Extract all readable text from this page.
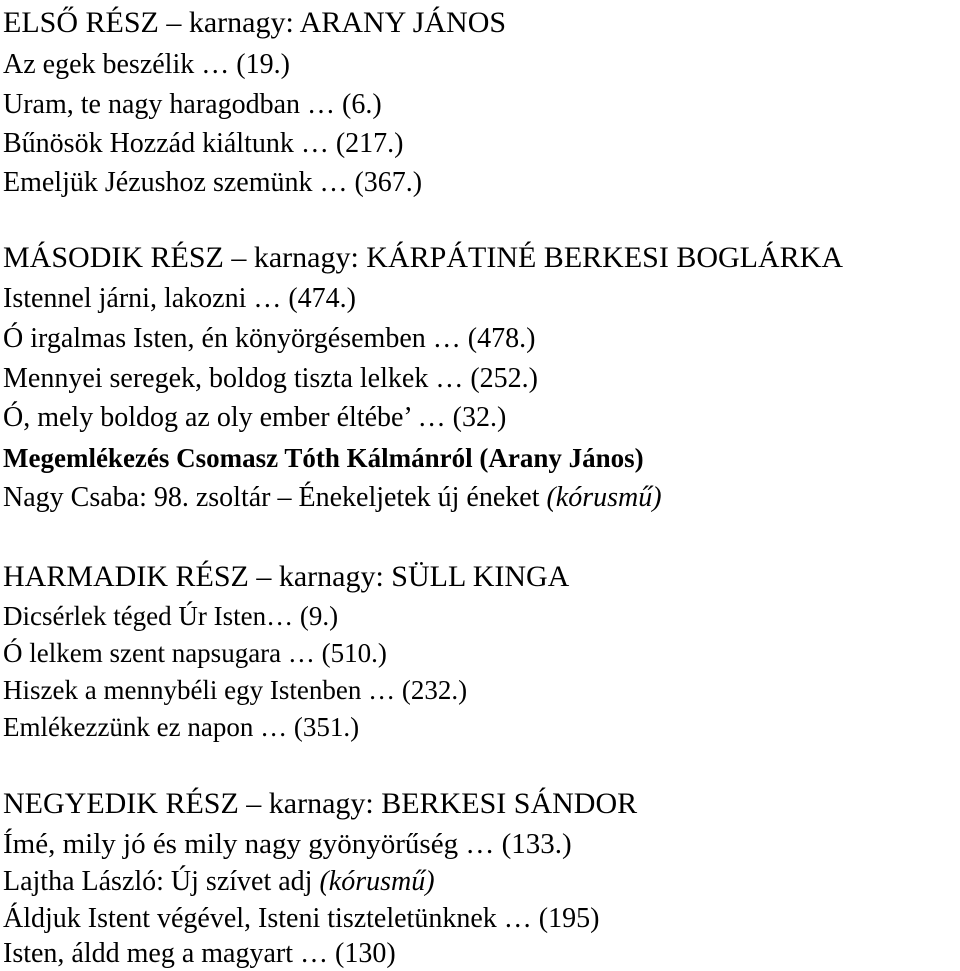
ELSŐ RÉSZ – karnagy: ARANY JÁNOS
Az egek beszélik … (19.)
Uram, te nagy haragodban … (6.)
Bűnösök Hozzád kiáltunk … (217.)
Emeljük Jézushoz szemünk … (367.)
MÁSODIK RÉSZ – karnagy: KÁRPÁTINÉ BERKESI BOGLÁRKA
Istennel járni, lakozni … (474.)
Ó irgalmas Isten, én könyörgésemben … (478.)
Mennyei seregek, boldog tiszta lelkek … (252.)
Ó, mely boldog az oly ember éltébe’ … (32.)
Megemlékezés Csomasz Tóth Kálmánról (Arany János)
Nagy Csaba: 98. zsoltár – Énekeljetek új éneket (kórusmű)
HARMADIK RÉSZ – karnagy: SÜLL KINGA
Dicsérlek téged Úr Isten… (9.)
Ó lelkem szent napsugara … (510.)
Hiszek a mennybéli egy Istenben … (232.)
Emlékezzünk ez napon … (351.)
NEGYEDIK RÉSZ – karnagy: BERKESI SÁNDOR
Ímé, mily jó és mily nagy gyönyörűség … (133.)
Lajtha László: Új szívet adj (kórusmű)
Áldjuk Istent végével, Isteni tiszteletünknek … (195)
Isten, áldd meg a magyart … (130)
